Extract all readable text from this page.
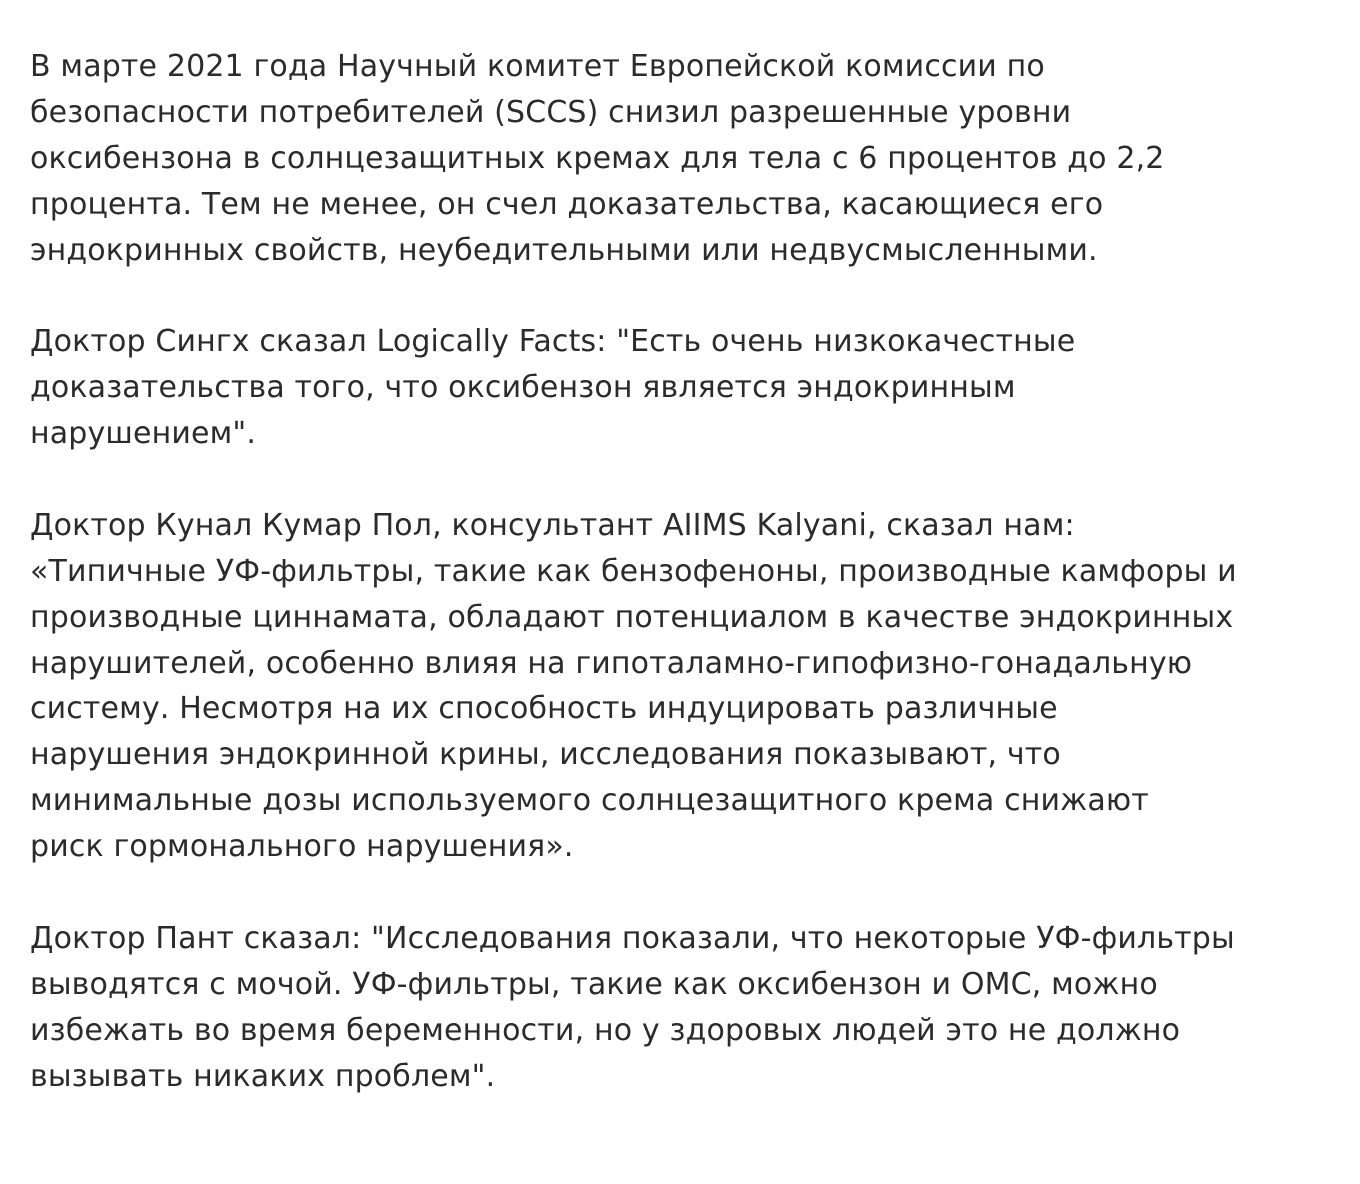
В марте 2021 года Научный комитет Европейской комиссии по
безопасности потребителей (SCCS) снизил разрешенные уровни
оксибензона в солнцезащитных кремах для тела с 6 процентов до 2,2
процента. Тем не менее, он счел доказательства, касающиеся его
эндокринных свойств, неубедительными или недвусмысленными.

Доктор Сингх сказал Logically Facts: "Есть очень низкокачестные
доказательства того, что оксибензон является эндокринным
нарушением".

Доктор Кунал Кумар Пол, консультант AIIMS Kalyani, сказал нам:
«Типичные УФ-фильтры, такие как бензофеноны, производные камфоры и
производные циннамата, обладают потенциалом в качестве эндокринных
нарушителей, особенно влияя на гипоталамно-гипофизно-гонадальную
систему. Несмотря на их способность индуцировать различные
нарушения эндокринной крины, исследования показывают, что
минимальные дозы используемого солнцезащитного крема снижают
риск гормонального нарушения».

Доктор Пант сказал: "Исследования показали, что некоторые УФ-фильтры
выводятся с мочой. УФ-фильтры, такие как оксибензон и ОМС, можно
избежать во время беременности, но у здоровых людей это не должно
вызывать никаких проблем".
